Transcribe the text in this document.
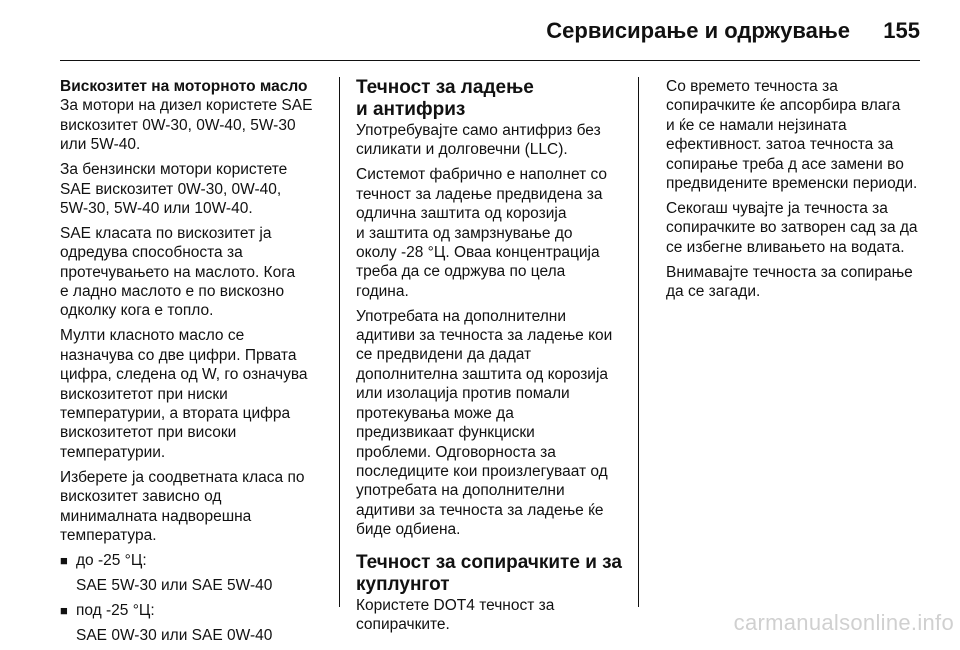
Сервисирање и одржување 155
Вискозитет на моторното масло

За мотори на дизел користете SAE
вискозитет 0W-30, 0W-40, 5W-30
или 5W-40.

За бензински мотори користете
SAE вискозитет 0W-30, 0W-40,
5W-30, 5W-40 или 10W-40.

SAE класата по вискозитет ја
одредува способноста за
протечувањето на маслото. Кога
е ладно маслото е по вискозно
одколку кога е топло.

Мулти класното масло се
назначува со две цифри. Првата
цифра, следена од W, го означува
вискозитетот при ниски
температурии, а втората цифра
вискозитетот при високи
температурии.

Изберете ја соодветната класа по
вискозитет зависно од
минималната надворешна
температура.

■ до -25 °Ц:

SAE 5W-30 или SAE 5W-40

■ под -25 °Ц:

SAE 0W-30 или SAE 0W-40

Течност за ладење
и антифриз

Употребувајте само антифриз без
силикати и долговечни (LLC).

Системот фабрично е наполнет со
течност за ладење предвидена за
одлична заштита од корозија
и заштита од замрзнување до
околу -28 °Ц. Оваа концентрација
треба да се одржува по цела
година.

Употребата на дополнителни
адитиви за течноста за ладење кои
се предвидени да дадат
дополнителна заштита од корозија
или изолација против помали
протекувања може да
предизвикаат функциски
проблеми. Одговорноста за
последиците кои произлегуваат од
употребата на дополнителни
адитиви за течноста за ладење ќе
биде одбиена.

Течност за сопирачките и за
куплунгот

Користете DOT4 течност за
сопирачките.

Со времето течноста за
сопирачките ќе апсорбира влага
и ќе се намали нејзината
ефективност. затоа течноста за
сопирање треба д асе замени во
предвидените временски периоди.

Секогаш чувајте ја течноста за
сопирачките во затворен сад за да
се избегне вливањето на водата.

Внимавајте течноста за сопирање
да се загади.

carmanualsonline.info
